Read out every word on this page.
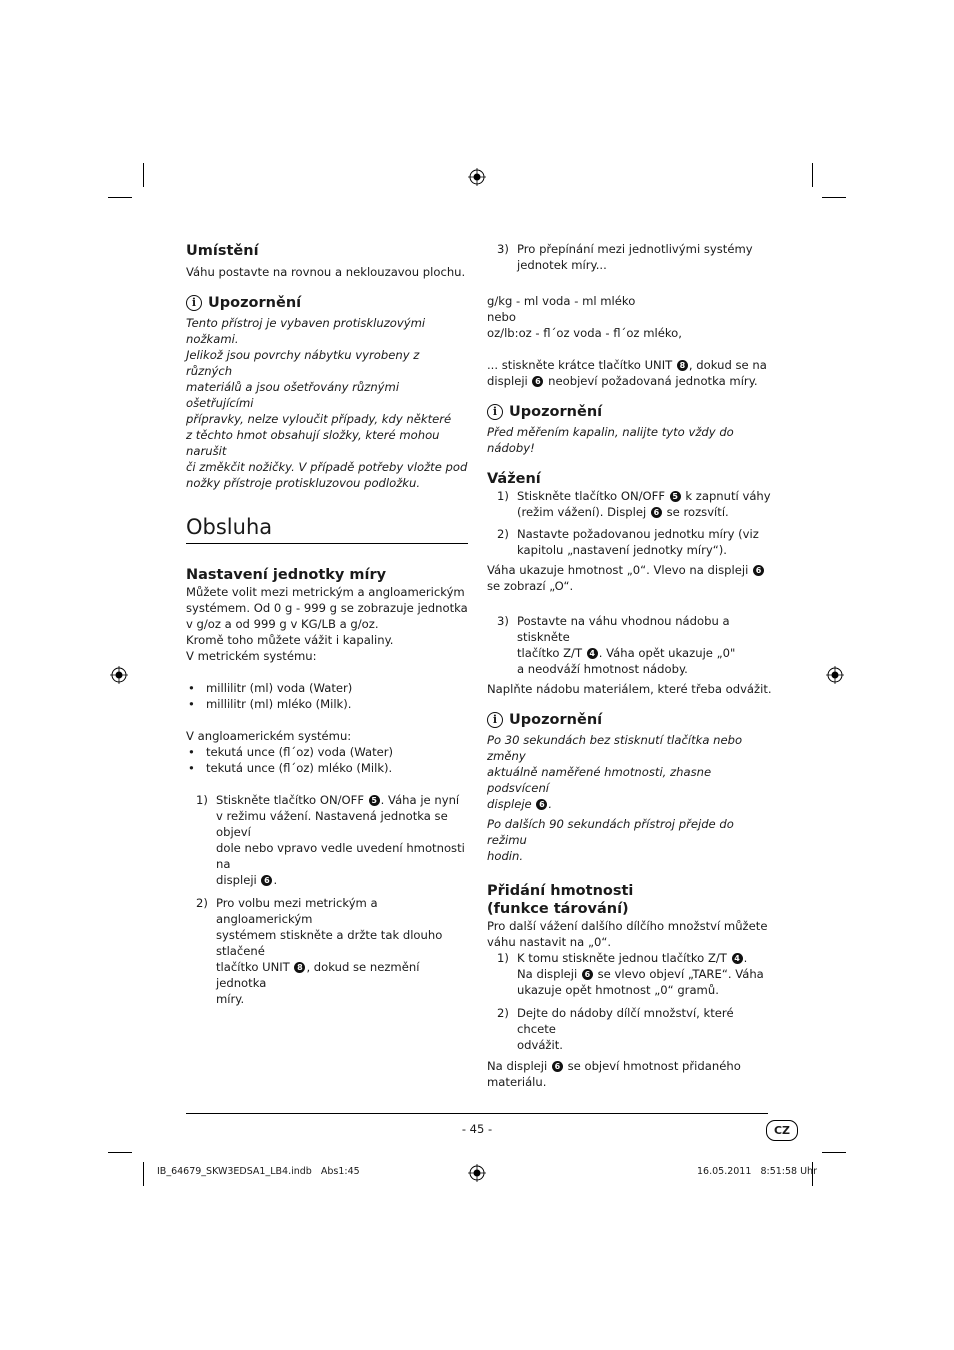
Umístění

Váhu postavte na rovnou a neklouzavou plochu.

i Upozornění

Tento přístroj je vybaven protiskluzovými nožkami.

Jelikož jsou povrchy nábytku vyrobeny z různých

materiálů a jsou ošetřovány různými ošetřujícími

přípravky, nelze vyloučit případy, kdy některé

z těchto hmot obsahují složky, které mohou narušit

či změkčit nožičky. V případě potřeby vložte pod

nožky přístroje protiskluzovou podložku.

Obsluha
Nastavení jednotky míry

Můžete volit mezi metrickým a angloamerickým

systémem. Od 0 g - 999 g se zobrazuje jednotka

v g/oz a od 999 g v KG/LB a g/oz.

Kromě toho můžete vážit i kapaliny.

V metrickém systému:

• millilitr (ml) voda (Water)
• millilitr (ml) mléko (Milk).

V angloamerickém systému:

• tekutá unce (fl´oz) voda (Water)
• tekutá unce (fl´oz) mléko (Milk).
1) Stiskněte tlačítko ON/OFF 5 . Váha je nyní
v režimu vážení. Nastavená jednotka se objeví
dole nebo vpravo vedle uvedení hmotnosti na
displeji 6 .
2) Pro volbu mezi metrickým a angloamerickým
systémem stiskněte a držte tak dlouho stlačené
tlačítko UNIT 8 , dokud se nezmění jednotka
míry.
3) Pro přepínání mezi jednotlivými systémy
jednotek míry...

g/kg - ml voda - ml mléko

nebo

oz/lb:oz - fl´oz voda - fl´oz mléko,

... stiskněte krátce tlačítko UNIT 8 , dokud se na

displeji 6 neobjeví požadovaná jednotka míry.

i Upozornění

Před měřením kapalin, nalijte tyto vždy do nádoby!

Vážení
1) Stiskněte tlačítko ON/OFF 5 k zapnutí váhy
(režim vážení). Displej 6 se rozsvítí.
2) Nastavte požadovanou jednotku míry (viz
kapitolu „nastavení jednotky míry“).

Váha ukazuje hmotnost „0“. Vlevo na displeji 6

se zobrazí „O“.

3) Postavte na váhu vhodnou nádobu a stiskněte
tlačítko Z/T 4 . Váha opět ukazuje „0"
a neodváží hmotnost nádoby.

Naplňte nádobu materiálem, které třeba odvážit.

i Upozornění

Po 30 sekundách bez stisknutí tlačítka nebo změny

aktuálně naměřené hmotnosti, zhasne podsvícení

displeje 6 .

Po dalších 90 sekundách přístroj přejde do režimu

hodin.

Přidání hmotnosti
(funkce tárování)

Pro další vážení dalšího dílčího množství můžete

váhu nastavit na „0“.

1) K tomu stiskněte jednou tlačítko Z/T 4 .
Na displeji 6 se vlevo objeví „TARE“. Váha
ukazuje opět hmotnost „0“ gramů.
2) Dejte do nádoby dílčí množství, které chcete
odvážit.

Na displeji 6 se objeví hmotnost přidaného

materiálu.

- 45 -	CZ
IB_64679_SKW3EDSA1_LB4.indb   Abs1:45	16.05.2011   8:51:58 Uhr
